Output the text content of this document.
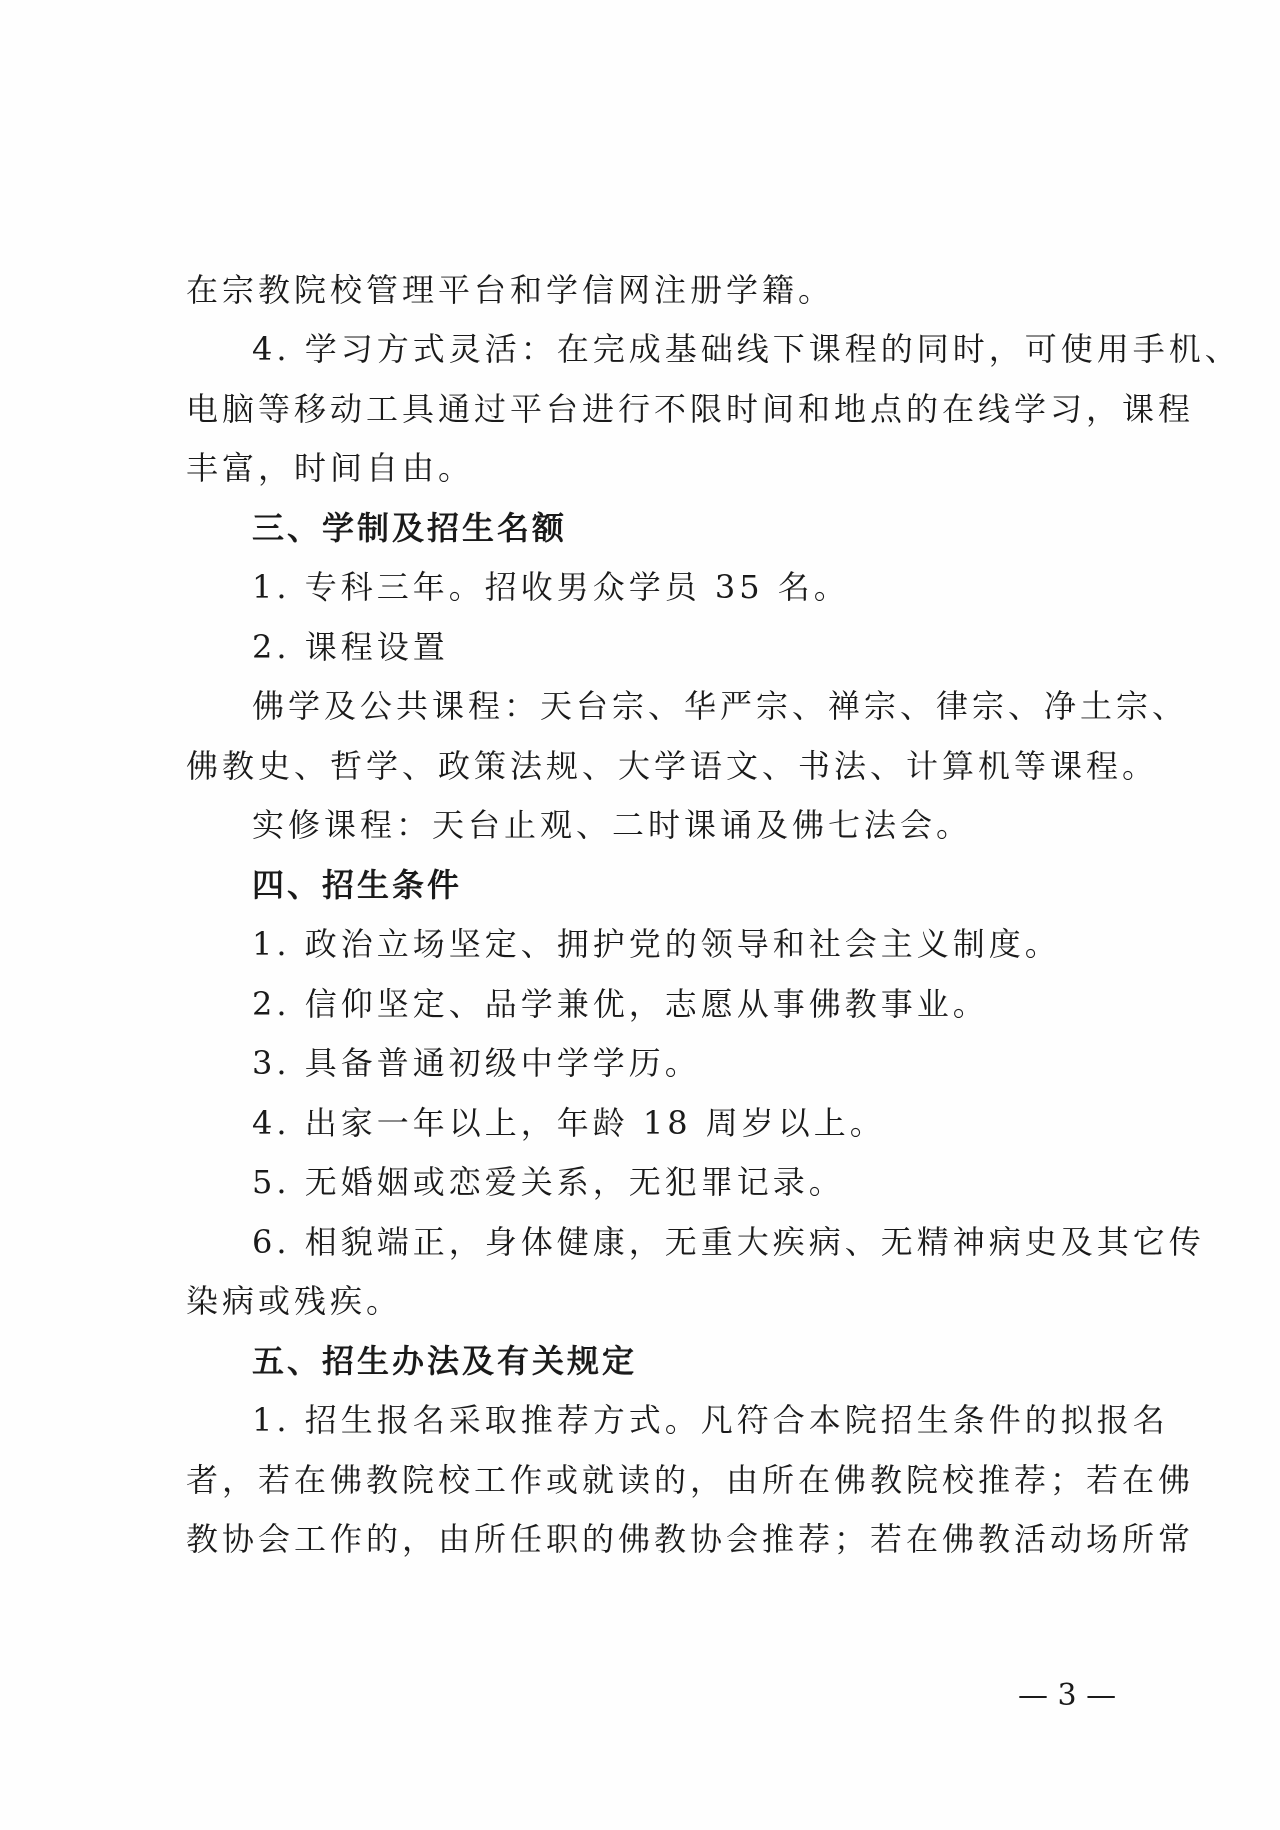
在宗教院校管理平台和学信网注册学籍。
4. 学习方式灵活：在完成基础线下课程的同时，可使用手机、
电脑等移动工具通过平台进行不限时间和地点的在线学习，课程
丰富，时间自由。
三、学制及招生名额
1. 专科三年。招收男众学员 35 名。
2. 课程设置
佛学及公共课程：天台宗、华严宗、禅宗、律宗、净土宗、
佛教史、哲学、政策法规、大学语文、书法、计算机等课程。
实修课程：天台止观、二时课诵及佛七法会。
四、招生条件
1. 政治立场坚定、拥护党的领导和社会主义制度。
2. 信仰坚定、品学兼优，志愿从事佛教事业。
3. 具备普通初级中学学历。
4. 出家一年以上，年龄 18 周岁以上。
5. 无婚姻或恋爱关系，无犯罪记录。
6. 相貌端正，身体健康，无重大疾病、无精神病史及其它传
染病或残疾。
五、招生办法及有关规定
1. 招生报名采取推荐方式。凡符合本院招生条件的拟报名
者，若在佛教院校工作或就读的，由所在佛教院校推荐；若在佛
教协会工作的，由所任职的佛教协会推荐；若在佛教活动场所常
— 3 —
